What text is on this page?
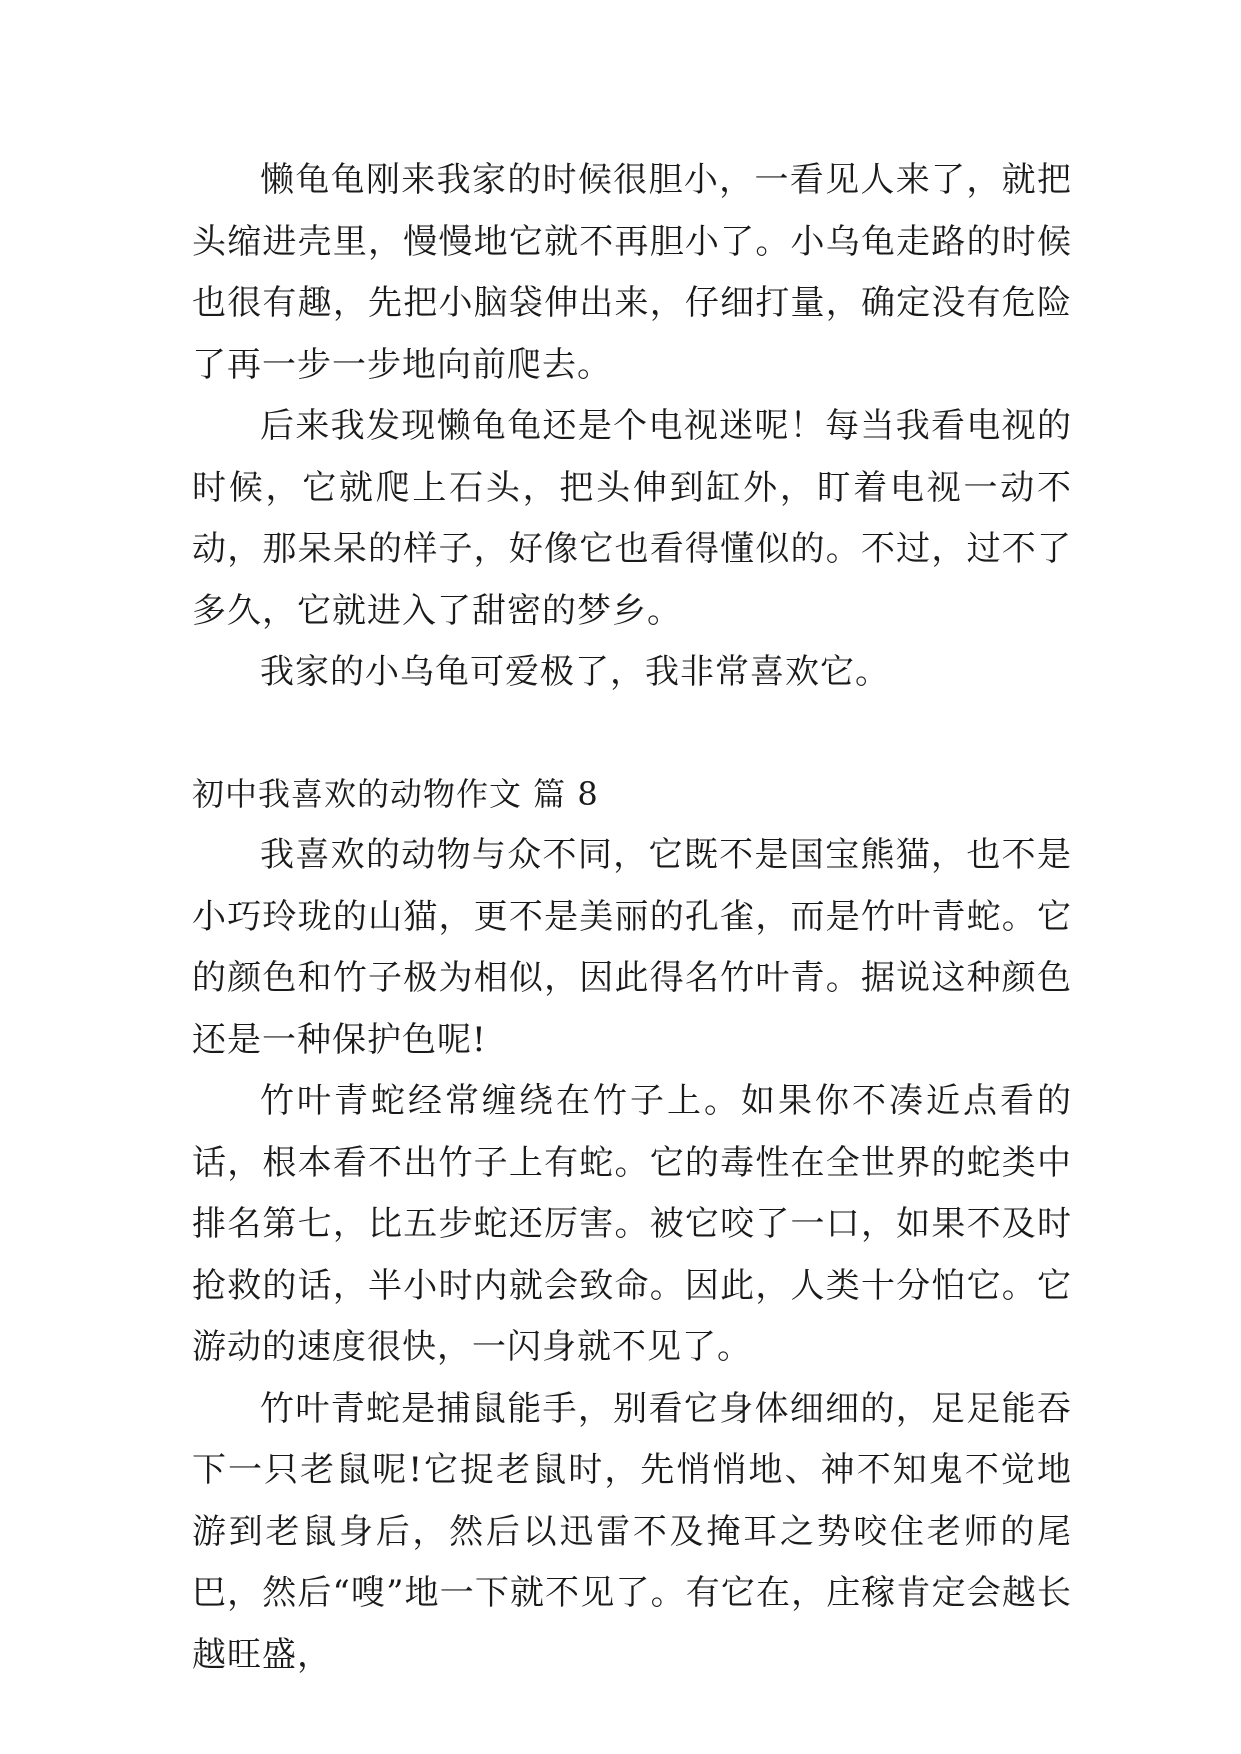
懒龟龟刚来我家的时候很胆小，一看见人来了，就把头缩进壳里，慢慢地它就不再胆小了。小乌龟走路的时候也很有趣，先把小脑袋伸出来，仔细打量，确定没有危险了再一步一步地向前爬去。

后来我发现懒龟龟还是个电视迷呢！每当我看电视的时候，它就爬上石头，把头伸到缸外，盯着电视一动不动，那呆呆的样子，好像它也看得懂似的。不过，过不了多久，它就进入了甜密的梦乡。

我家的小乌龟可爱极了，我非常喜欢它。

初中我喜欢的动物作文 篇 8

我喜欢的动物与众不同，它既不是国宝熊猫，也不是小巧玲珑的山猫，更不是美丽的孔雀，而是竹叶青蛇。它的颜色和竹子极为相似，因此得名竹叶青。据说这种颜色还是一种保护色呢!

竹叶青蛇经常缠绕在竹子上。如果你不凑近点看的话，根本看不出竹子上有蛇。它的毒性在全世界的蛇类中排名第七，比五步蛇还厉害。被它咬了一口，如果不及时抢救的话，半小时内就会致命。因此，人类十分怕它。它游动的速度很快，一闪身就不见了。

竹叶青蛇是捕鼠能手，别看它身体细细的，足足能吞下一只老鼠呢!它捉老鼠时，先悄悄地、神不知鬼不觉地游到老鼠身后，然后以迅雷不及掩耳之势咬住老师的尾巴，然后“嗖”地一下就不见了。有它在，庄稼肯定会越长越旺盛，
